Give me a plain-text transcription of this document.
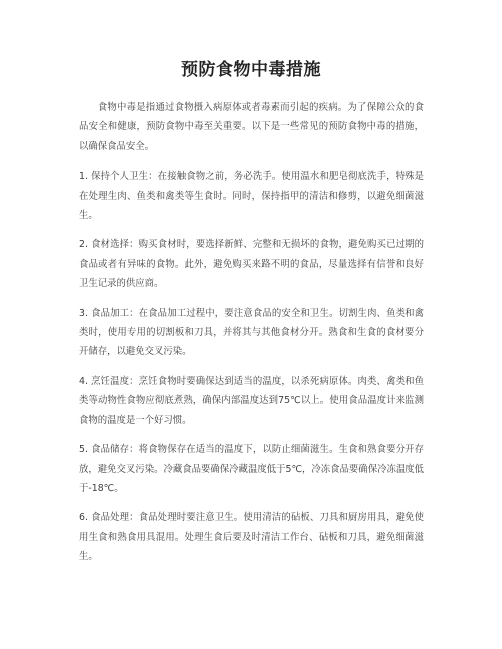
预防食物中毒措施

食物中毒是指通过食物摄入病原体或者毒素而引起的疾病。为了保障公众的食品安全和健康，预防食物中毒至关重要。以下是一些常见的预防食物中毒的措施，以确保食品安全。

1. 保持个人卫生：在接触食物之前，务必洗手。使用温水和肥皂彻底洗手，特殊是在处理生肉、鱼类和禽类等生食时。同时，保持指甲的清洁和修剪，以避免细菌滋生。

2. 食材选择：购买食材时，要选择新鲜、完整和无损坏的食物，避免购买已过期的食品或者有异味的食物。此外，避免购买来路不明的食品，尽量选择有信誉和良好卫生记录的供应商。

3. 食品加工：在食品加工过程中，要注意食品的安全和卫生。切割生肉、鱼类和禽类时，使用专用的切割板和刀具，并将其与其他食材分开。熟食和生食的食材要分开储存，以避免交叉污染。

4. 烹饪温度：烹饪食物时要确保达到适当的温度，以杀死病原体。肉类、禽类和鱼类等动物性食物应彻底煮熟，确保内部温度达到75℃以上。使用食品温度计来监测食物的温度是一个好习惯。

5. 食品储存：将食物保存在适当的温度下，以防止细菌滋生。生食和熟食要分开存放，避免交叉污染。冷藏食品要确保冷藏温度低于5℃，冷冻食品要确保冷冻温度低于-18℃。

6. 食品处理：食品处理时要注意卫生。使用清洁的砧板、刀具和厨房用具，避免使用生食和熟食用具混用。处理生食后要及时清洁工作台、砧板和刀具，避免细菌滋生。
